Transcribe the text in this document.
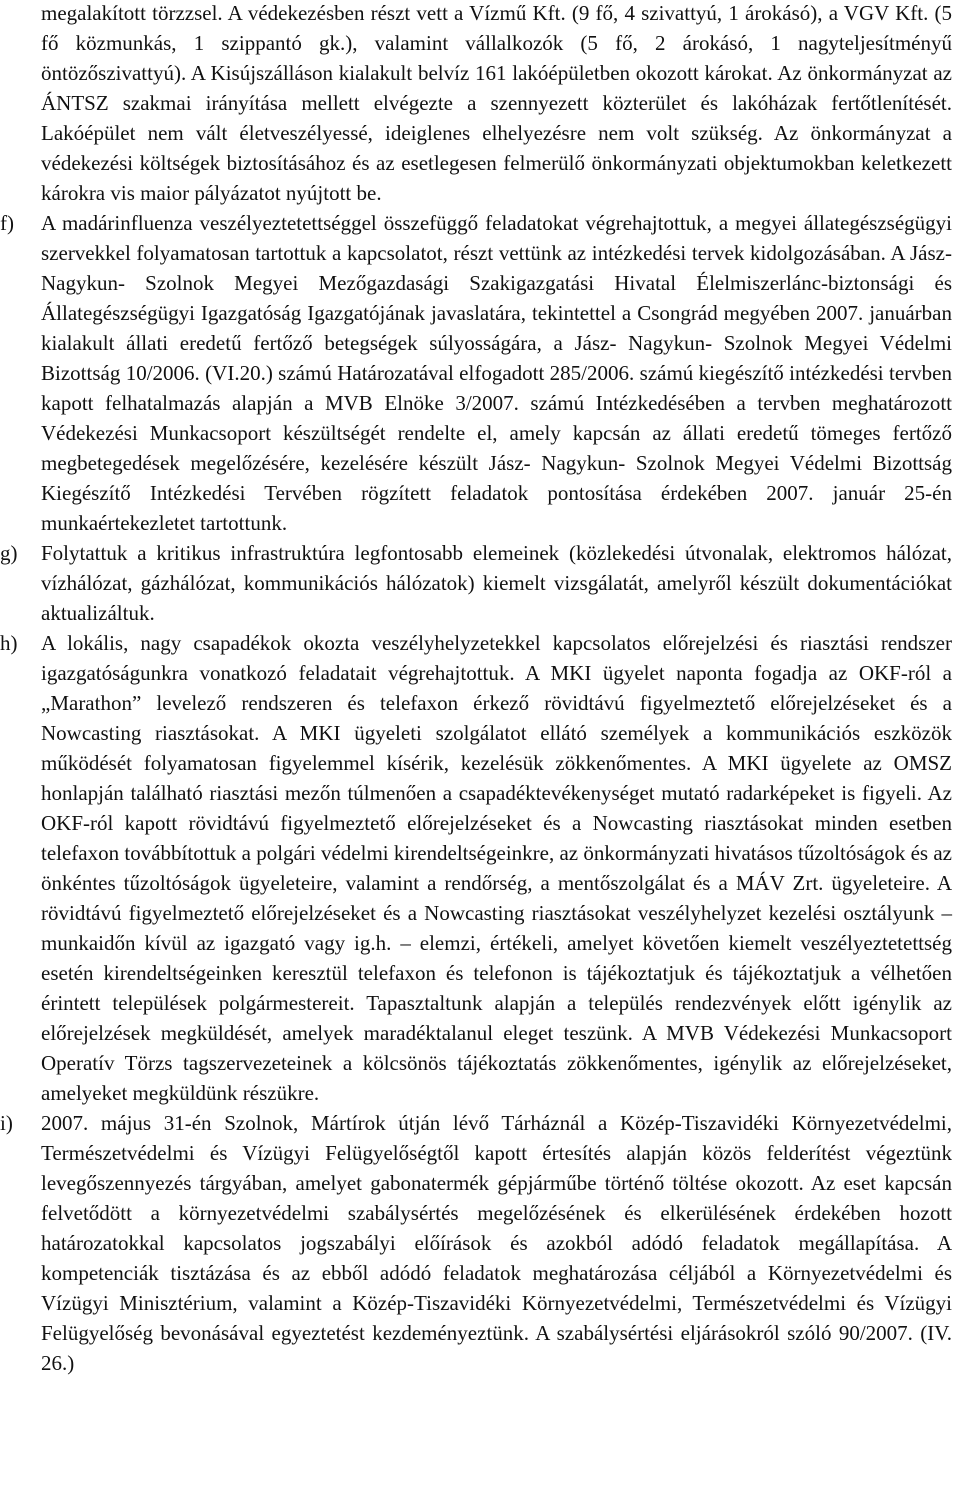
megalakított törzzsel. A védekezésben részt vett a Vízmű Kft. (9 fő, 4 szivattyú, 1 árokásó), a VGV Kft. (5 fő közmunkás, 1 szippantó gk.), valamint vállalkozók (5 fő, 2 árokásó, 1 nagyteljesítményű öntözőszivattyú). A Kisújszálláson kialakult belvíz 161 lakóépületben okozott károkat. Az önkormányzat az ÁNTSZ szakmai irányítása mellett elvégezte a szennyezett közterület és lakóházak fertőtlenítését. Lakóépület nem vált életveszélyessé, ideiglenes elhelyezésre nem volt szükség. Az önkormányzat a védekezési költségek biztosításához és az esetlegesen felmerülő önkormányzati objektumokban keletkezett károkra vis maior pályázatot nyújtott be.

f)	A madárinfluenza veszélyeztetettséggel összefüggő feladatokat végrehajtottuk, a megyei állategészségügyi szervekkel folyamatosan tartottuk a kapcsolatot, részt vettünk az intézkedési tervek kidolgozásában. A Jász- Nagykun- Szolnok Megyei Mezőgazdasági Szakigazgatási Hivatal Élelmiszerlánc-biztonsági és Állategészségügyi Igazgatóság Igazgatójának javaslatára, tekintettel a Csongrád megyében 2007. januárban kialakult állati eredetű fertőző betegségek súlyosságára, a Jász- Nagykun- Szolnok Megyei Védelmi Bizottság 10/2006. (VI.20.) számú Határozatával elfogadott 285/2006. számú kiegészítő intézkedési tervben kapott felhatalmazás alapján a MVB Elnöke 3/2007. számú Intézkedésében a tervben meghatározott Védekezési Munkacsoport készültségét rendelte el, amely kapcsán az állati eredetű tömeges fertőző megbetegedések megelőzésére, kezelésére készült Jász- Nagykun- Szolnok Megyei Védelmi Bizottság Kiegészítő Intézkedési Tervében rögzített feladatok pontosítása érdekében 2007. január 25-én munkaértekezletet tartottunk.

g)	Folytattuk a kritikus infrastruktúra legfontosabb elemeinek (közlekedési útvonalak, elektromos hálózat, vízhálózat, gázhálózat, kommunikációs hálózatok) kiemelt vizsgálatát, amelyről készült dokumentációkat aktualizáltuk.

h)	A lokális, nagy csapadékok okozta veszélyhelyzetekkel kapcsolatos előrejelzési és riasztási rendszer igazgatóságunkra vonatkozó feladatait végrehajtottuk. A MKI ügyelet naponta fogadja az OKF-ról a „Marathon” levelező rendszeren és telefaxon érkező rövidtávú figyelmeztető előrejelzéseket és a Nowcasting riasztásokat. A MKI ügyeleti szolgálatot ellátó személyek a kommunikációs eszközök működését folyamatosan figyelemmel kísérik, kezelésük zökkenőmentes. A MKI ügyelete az OMSZ honlapján található riasztási mezőn túlmenően a csapadéktevékenységet mutató radarképeket is figyeli. Az OKF-ról kapott rövidtávú figyelmeztető előrejelzéseket és a Nowcasting riasztásokat minden esetben telefaxon továbbítottuk a polgári védelmi kirendeltségeinkre, az önkormányzati hivatásos tűzoltóságok és az önkéntes tűzoltóságok ügyeleteire, valamint a rendőrség, a mentőszolgálat és a MÁV Zrt. ügyeleteire. A rövidtávú figyelmeztető előrejelzéseket és a Nowcasting riasztásokat veszélyhelyzet kezelési osztályunk – munkaidőn kívül az igazgató vagy ig.h. – elemzi, értékeli, amelyet követően kiemelt veszélyeztetettség esetén kirendeltségeinken keresztül telefaxon és telefonon is tájékoztatjuk és tájékoztatjuk a vélhetően érintett települések polgármestereit. Tapasztaltunk alapján a település rendezvények előtt igénylik az előrejelzések megküldését, amelyek maradéktalanul eleget teszünk. A MVB Védekezési Munkacsoport Operatív Törzs tagszervezeteinek a kölcsönös tájékoztatás zökkenőmentes, igénylik az előrejelzéseket, amelyeket megküldünk részükre.

i)	2007. május 31-én Szolnok, Mártírok útján lévő Tárháznál a Közép-Tiszavidéki Környezetvédelmi, Természetvédelmi és Vízügyi Felügyelőségtől kapott értesítés alapján közös felderítést végeztünk levegőszennyezés tárgyában, amelyet gabonatermék gépjárműbe történő töltése okozott. Az eset kapcsán felvetődött a környezetvédelmi szabálysértés megelőzésének és elkerülésének érdekében hozott határozatokkal kapcsolatos jogszabályi előírások és azokból adódó feladatok megállapítása. A kompetenciák tisztázása és az ebből adódó feladatok meghatározása céljából a Környezetvédelmi és Vízügyi Minisztérium, valamint a Közép-Tiszavidéki Környezetvédelmi, Természetvédelmi és Vízügyi Felügyelőség bevonásával egyeztetést kezdeményeztünk. A szabálysértési eljárásokról szóló 90/2007. (IV. 26.)
